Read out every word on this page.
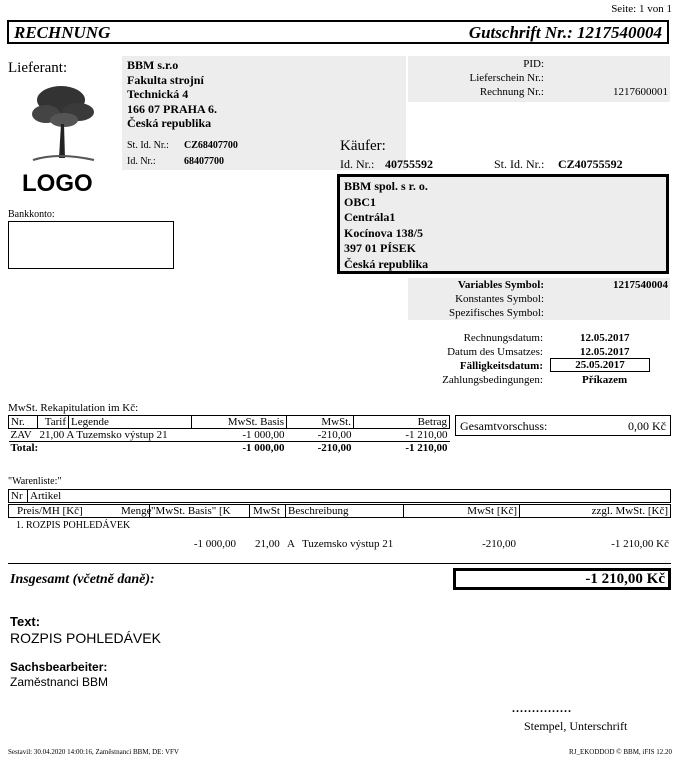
Seite: 1 von 1
RECHNUNG	Gutschrift Nr.: 1217540004
Lieferant:	BBM s.r.o
Fakulta strojní
Technická 4
166 07 PRAHA 6.
Česká republika
St. Id. Nr.: CZ68407700
Id. Nr.:	68407700
LOGO
PID:
Lieferschein Nr.:
Rechnung Nr.:	1217600001
Käufer:
Id. Nr.: 40755592	St. Id. Nr.: CZ40755592
BBM spol. s r. o.
OBC1
Centrála1
Kocínova 138/5
397 01 PÍSEK
Česká republika
Bankkonto:
Variables Symbol:	1217540004
Konstantes Symbol:
Spezifisches Symbol:
Rechnungsdatum:	12.05.2017
Datum des Umsatzes:	12.05.2017
Fälligkeitsdatum:	25.05.2017
Zahlungsbedingungen:	Příkazem
MwSt. Rekapitulation im Kč:
Nr.	Tarif	Legende	MwSt. Basis	MwSt.	Betrag
ZAV	21,00 A Tuzemsko výstup 21		-1 000,00	-210,00	-1 210,00
Total:			-1 000,00	-210,00	-1 210,00
Gesamtvorschuss:	0,00 Kč
"Warenliste:"
Nr Artikel
Preis/MH [Kč]	Menge "MwSt. Basis" [K MwSt Beschreibung	MwSt [Kč]	zzgl. MwSt. [Kč]
1. ROZPIS POHLEDÁVEK
-1 000,00 21,00 A Tuzemsko výstup 21	-210,00	-1 210,00 Kč
Insgesamt (včetně daně):	-1 210,00 Kč
Text:
ROZPIS POHLEDÁVEK
Sachsbearbeiter:
Zaměstnanci BBM
...............
Stempel, Unterschrift
Sestavil: 30.04.2020 14:00:16, Zaměstnanci BBM, DE: VFV	RJ_EKODDOD © BBM, iFIS 12.20
